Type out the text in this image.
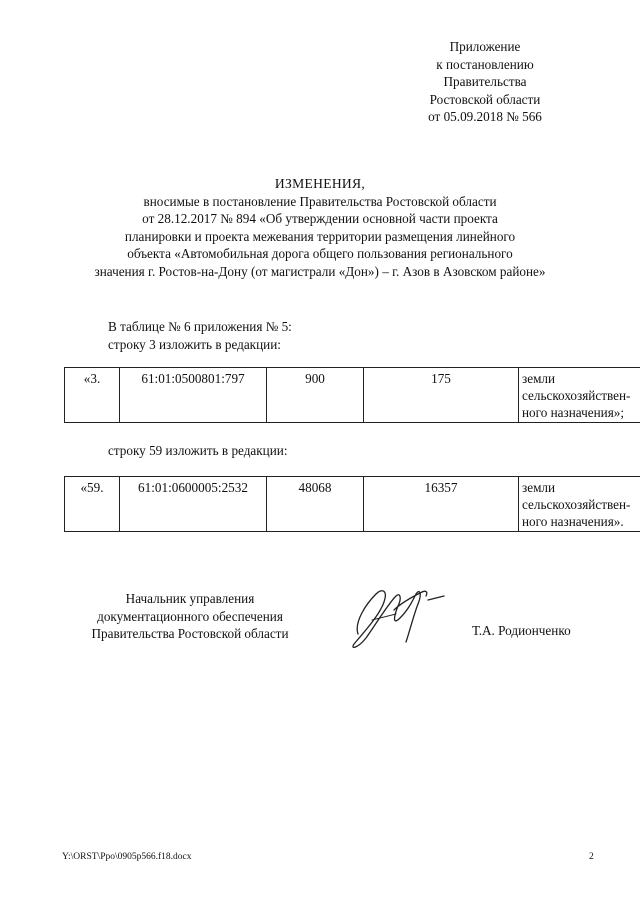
Приложение
к постановлению
Правительства
Ростовской области
от 05.09.2018 № 566
ИЗМЕНЕНИЯ,
вносимые в постановление Правительства Ростовской области
от 28.12.2017 № 894 «Об утверждении основной части проекта
планировки и проекта межевания территории размещения линейного
объекта «Автомобильная дорога общего пользования регионального
значения г. Ростов-на-Дону (от магистрали «Дон») – г. Азов в Азовском районе»
В таблице № 6 приложения № 5:
строку 3 изложить в редакции:
«3.	61:01:0500801:797	900	175	земли
сельскохозяйствен-
ного назначения»;
строку 59 изложить в редакции:
«59.	61:01:0600005:2532	48068	16357	земли
сельскохозяйствен-
ного назначения».
Начальник управления
документационного обеспечения
Правительства Ростовской области	Т.А. Родионченко
Y:\ORST\Ppo\0905p566.f18.docx	2
